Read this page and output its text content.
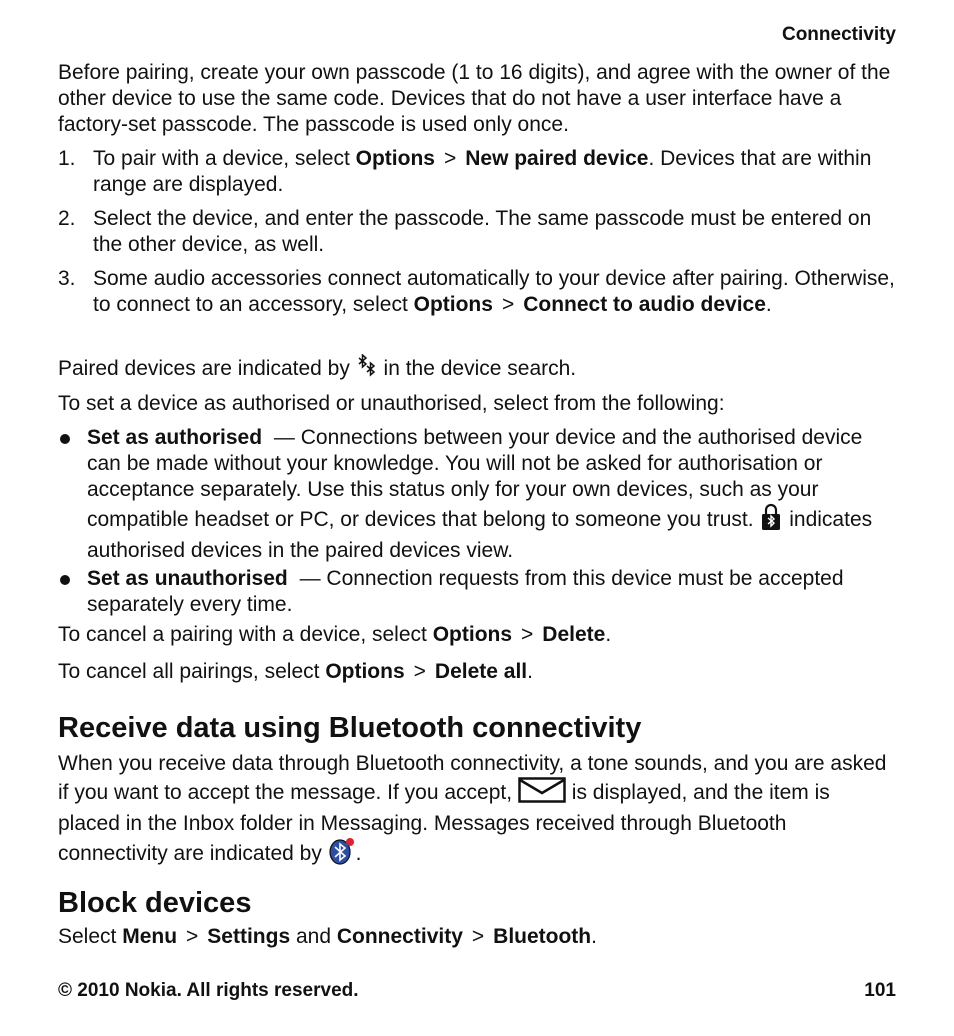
Connectivity

Before pairing, create your own passcode (1 to 16 digits), and agree with the owner of the other device to use the same code. Devices that do not have a user interface have a factory-set passcode. The passcode is used only once.

1. To pair with a device, select Options > New paired device. Devices that are within range are displayed.
2. Select the device, and enter the passcode. The same passcode must be entered on the other device, as well.
3. Some audio accessories connect automatically to your device after pairing. Otherwise, to connect to an accessory, select Options > Connect to audio device.

Paired devices are indicated by in the device search.

To set a device as authorised or unauthorised, select from the following:

Set as authorised — Connections between your device and the authorised device can be made without your knowledge. You will not be asked for authorisation or acceptance separately. Use this status only for your own devices, such as your compatible headset or PC, or devices that belong to someone you trust. indicates authorised devices in the paired devices view.
Set as unauthorised — Connection requests from this device must be accepted separately every time.

To cancel a pairing with a device, select Options > Delete.

To cancel all pairings, select Options > Delete all.

Receive data using Bluetooth connectivity

When you receive data through Bluetooth connectivity, a tone sounds, and you are asked if you want to accept the message. If you accept,	is displayed, and the item is placed in the Inbox folder in Messaging. Messages received through Bluetooth connectivity are indicated by .

Block devices

Select Menu > Settings and Connectivity > Bluetooth.

© 2010 Nokia. All rights reserved.	101
